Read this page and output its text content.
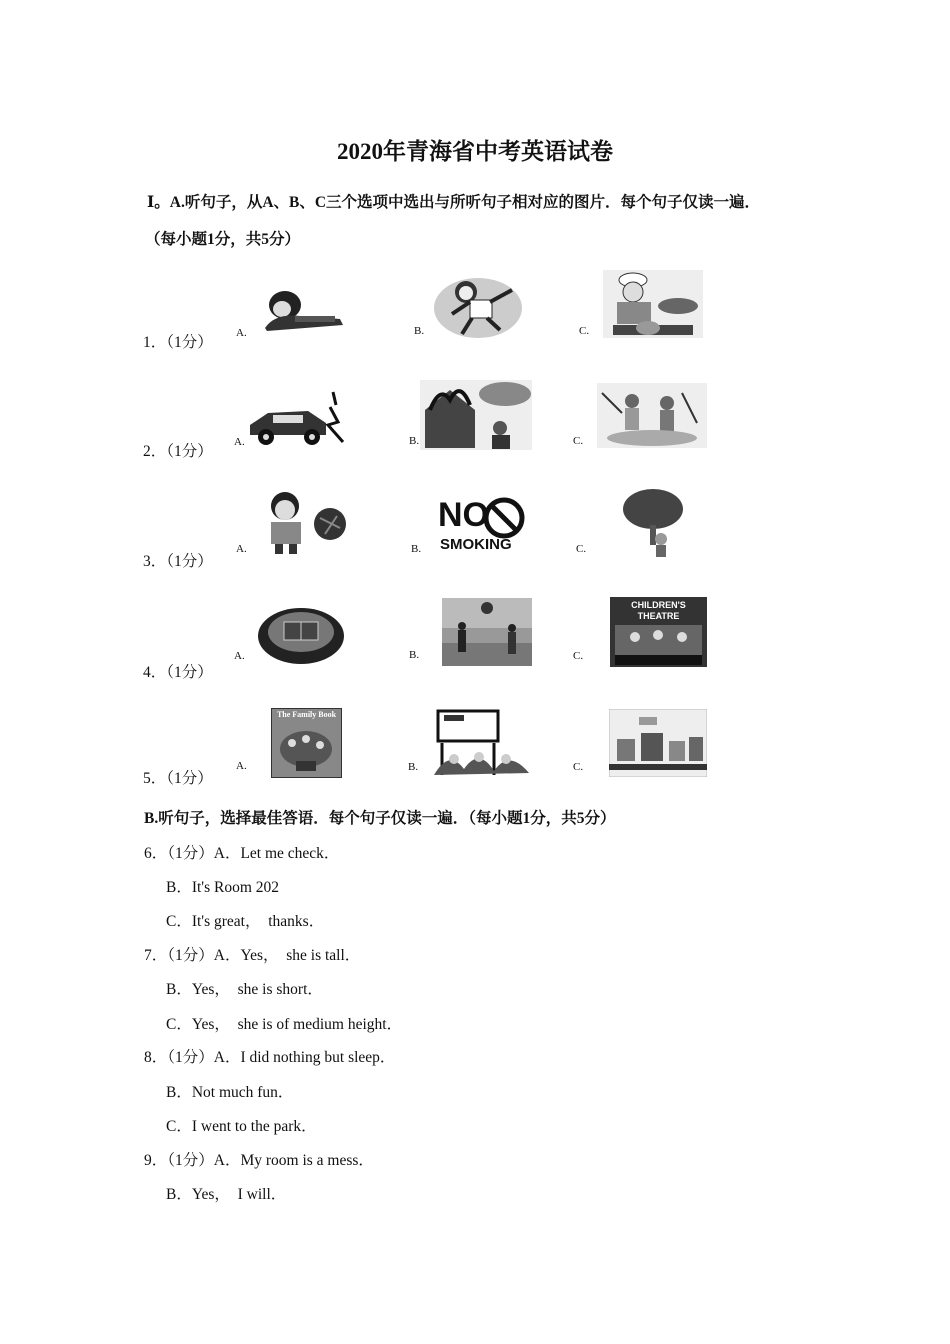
2020年青海省中考英语试卷
Ⅰ。A.听句子，从A、B、C三个选项中选出与所听句子相对应的图片．每个句子仅读一遍．
（每小题1分，共5分）
1．（1分）
A.	B.	C.
2．（1分）
A.	B.	C.
3．（1分）
A.	B.	C.
NO
SMOKING
4．（1分）
A.	B.	C.
CHILDREN'S
THEATRE
5．（1分）
A.	B.	C.
The Family Book
B.听句子，选择最佳答语．每个句子仅读一遍．（每小题1分，共5分）
6．（1分）A．Let me check．
B．It's Room 202
C．It's great，  thanks．
7．（1分）A．Yes，  she is tall．
B．Yes，  she is short．
C．Yes，  she is of medium height．
8．（1分）A．I did nothing but sleep．
B．Not much fun．
C．I went to the park．
9．（1分）A．My room is a mess．
B．Yes，  I will．
